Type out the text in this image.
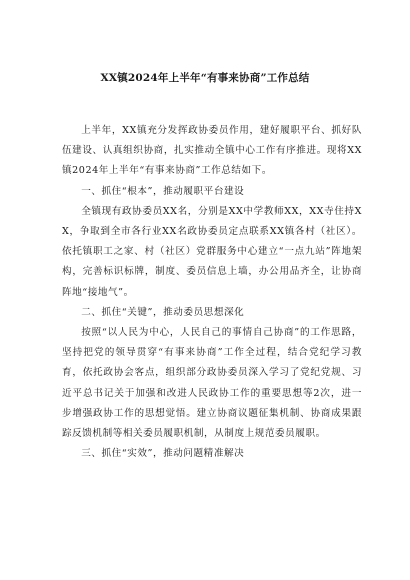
XX镇2024年上半年“有事来协商”工作总结

上半年，XX镇充分发挥政协委员作用，建好履职平台、抓好队伍建设、认真组织协商，扎实推动全镇中心工作有序推进。现将XX镇2024年上半年“有事来协商”工作总结如下。

一、抓住“根本”，推动履职平台建设

全镇现有政协委员XX名，分别是XX中学教师XX，XX寺住持XX，争取到全市各行业XX名政协委员定点联系XX镇各村（社区）。依托镇职工之家、村（社区）党群服务中心建立“一点九站”阵地架构，完善标识标牌，制度、委员信息上墙，办公用品齐全，让协商阵地“接地气”。

二、抓住“关键”，推动委员思想深化

按照“以人民为中心，人民自己的事情自己协商”的工作思路，坚持把党的领导贯穿“有事来协商”工作全过程，结合党纪学习教育，依托政协会客点，组织部分政协委员深入学习了党纪党规、习近平总书记关于加强和改进人民政协工作的重要思想等2次，进一步增强政协工作的思想觉悟。建立协商议题征集机制、协商成果跟踪反馈机制等相关委员履职机制，从制度上规范委员履职。

三、抓住“实效”，推动问题精准解决
